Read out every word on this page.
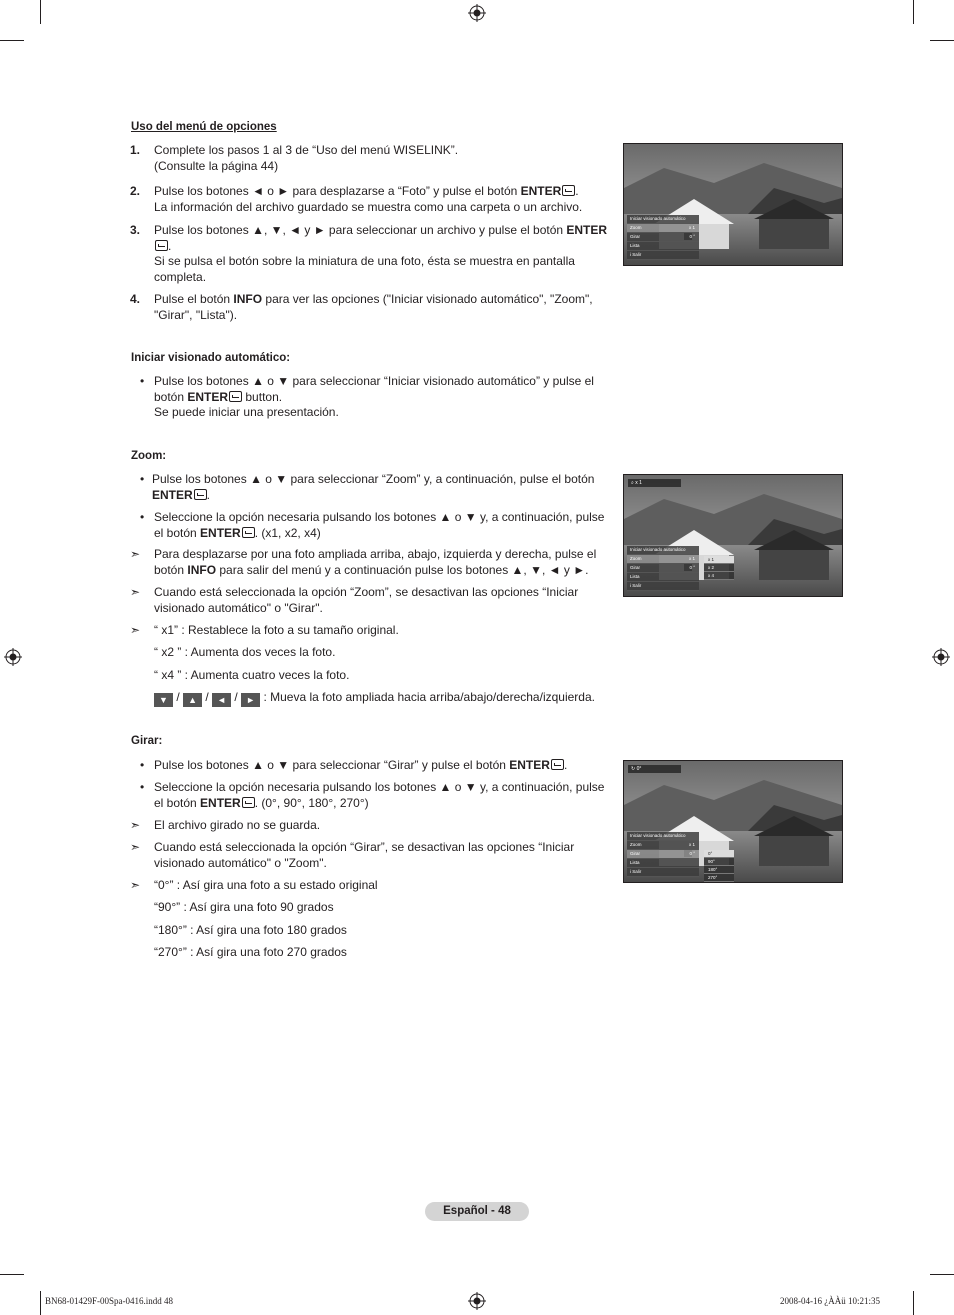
Uso del menú de opciones
1.	Complete los pasos 1 al 3 de “Uso del menú WISELINK”.
(Consulte la página 44)
2.	Pulse los botones ◄ o ► para desplazarse a “Foto” y pulse el botón ENTER .
La información del archivo guardado se muestra como una carpeta o un archivo.
3.	Pulse los botones ▲, ▼, ◄ y ► para seleccionar un archivo y pulse el botón ENTER.
Si se pulsa el botón sobre la miniatura de una foto, ésta se muestra en pantalla completa.
4.	Pulse el botón INFO para ver las opciones ("Iniciar visionado automático", "Zoom", "Girar", "Lista").
Iniciar visionado automático:
• Pulse los botones ▲ o ▼ para seleccionar “Iniciar visionado automático” y pulse el botón ENTER button.
Se puede iniciar una presentación.
Zoom:
• Pulse los botones ▲ o ▼ para seleccionar “Zoom” y, a continuación, pulse el botón ENTER .
• Seleccione la opción necesaria pulsando los botones ▲ o ▼ y, a continuación, pulse el botón ENTER . (x1, x2, x4)
➣	Para desplazarse por una foto ampliada arriba, abajo, izquierda y derecha, pulse el botón INFO para salir del menú y a continuación pulse los botones ▲, ▼, ◄ y ►.
➣	Cuando está seleccionada la opción “Zoom”, se desactivan las opciones “Iniciar visionado automático" o "Girar".
➣	“ x1” : Restablece la foto a su tamaño original.
“ x2 ” : Aumenta dos veces la foto.
“ x4 ” : Aumenta cuatro veces la foto.
▼ / ▲ / ◄ / ► : Mueva la foto ampliada hacia arriba/abajo/derecha/izquierda.
Girar:
• Pulse los botones ▲ o ▼ para seleccionar “Girar” y pulse el botón ENTER .
• Seleccione la opción necesaria pulsando los botones ▲ o ▼ y, a continuación, pulse el botón ENTER . (0°, 90°, 180°, 270°)
➣	El archivo girado no se guarda.
➣	Cuando está seleccionada la opción “Girar”, se desactivan las opciones “Iniciar visionado automático" o "Zoom".
➣	“0°” : Así gira una foto a su estado original
“90°” : Así gira una foto 90 grados
“180°” : Así gira una foto 180 grados
“270°” : Así gira una foto 270 grados
Iniciar visionado automático
Zoom	x 1
Girar	0 °
Lista
i Salir
⌕ x 1
Iniciar visionado automático
Zoom	x 1
Girar	0 °
Lista
i Salir
x 1
x 2
x 4
↻ 0°
Iniciar visionado automático
Zoom	x 1
Girar	0 °
Lista
i Salir
0°
90°
180°
270°
Español - 48
BN68-01429F-00Spa-0416.indd 48	2008-04-16 ¿ÀÀü 10:21:35
